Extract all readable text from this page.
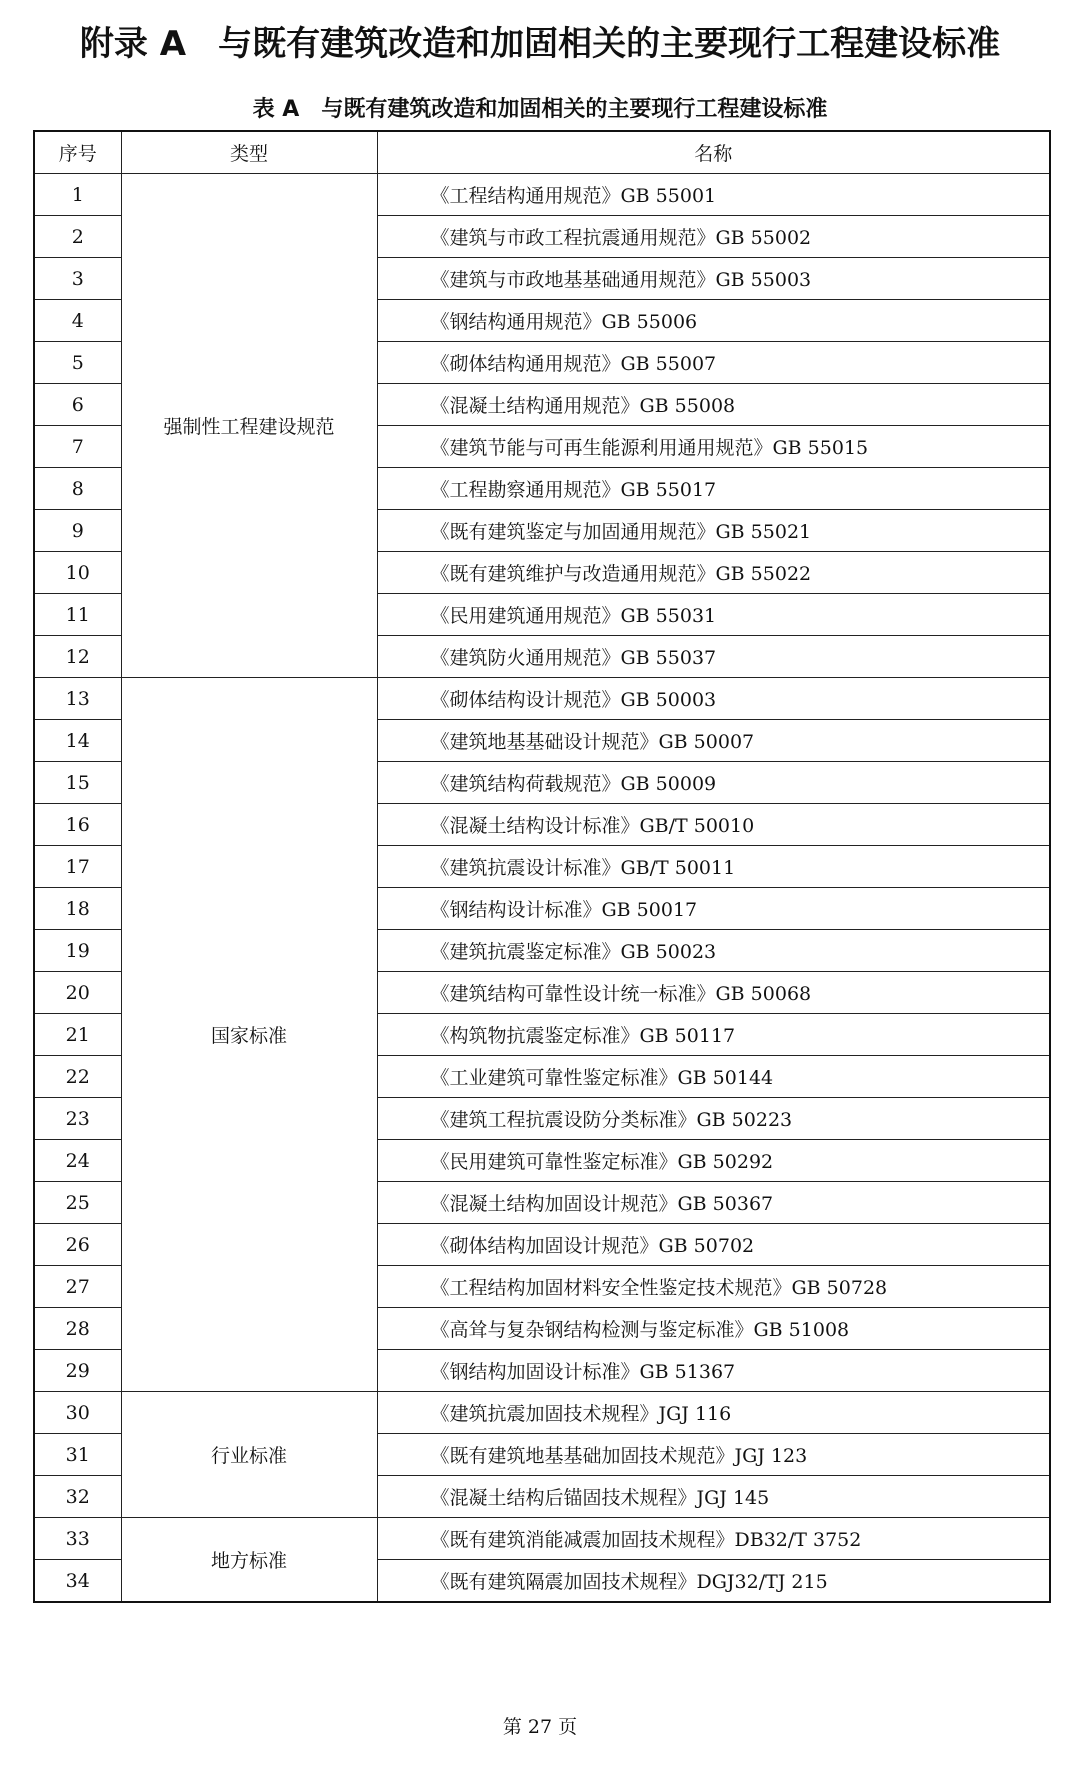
附录 A 与既有建筑改造和加固相关的主要现行工程建设标准
表 A 与既有建筑改造和加固相关的主要现行工程建设标准
序号	类型	名称
1	强制性工程建设规范	《工程结构通用规范》GB 55001
2		《建筑与市政工程抗震通用规范》GB 55002
3		《建筑与市政地基基础通用规范》GB 55003
4		《钢结构通用规范》GB 55006
5		《砌体结构通用规范》GB 55007
6		《混凝土结构通用规范》GB 55008
7		《建筑节能与可再生能源利用通用规范》GB 55015
8		《工程勘察通用规范》GB 55017
9		《既有建筑鉴定与加固通用规范》GB 55021
10		《既有建筑维护与改造通用规范》GB 55022
11		《民用建筑通用规范》GB 55031
12		《建筑防火通用规范》GB 55037
13	国家标准	《砌体结构设计规范》GB 50003
14		《建筑地基基础设计规范》GB 50007
15		《建筑结构荷载规范》GB 50009
16		《混凝土结构设计标准》GB/T 50010
17		《建筑抗震设计标准》GB/T 50011
18		《钢结构设计标准》GB 50017
19		《建筑抗震鉴定标准》GB 50023
20		《建筑结构可靠性设计统一标准》GB 50068
21		《构筑物抗震鉴定标准》GB 50117
22		《工业建筑可靠性鉴定标准》GB 50144
23		《建筑工程抗震设防分类标准》GB 50223
24		《民用建筑可靠性鉴定标准》GB 50292
25		《混凝土结构加固设计规范》GB 50367
26		《砌体结构加固设计规范》GB 50702
27		《工程结构加固材料安全性鉴定技术规范》GB 50728
28		《高耸与复杂钢结构检测与鉴定标准》GB 51008
29		《钢结构加固设计标准》GB 51367
30	行业标准	《建筑抗震加固技术规程》JGJ 116
31		《既有建筑地基基础加固技术规范》JGJ 123
32		《混凝土结构后锚固技术规程》JGJ 145
33	地方标准	《既有建筑消能减震加固技术规程》DB32/T 3752
34		《既有建筑隔震加固技术规程》DGJ32/TJ 215
第 27 页
